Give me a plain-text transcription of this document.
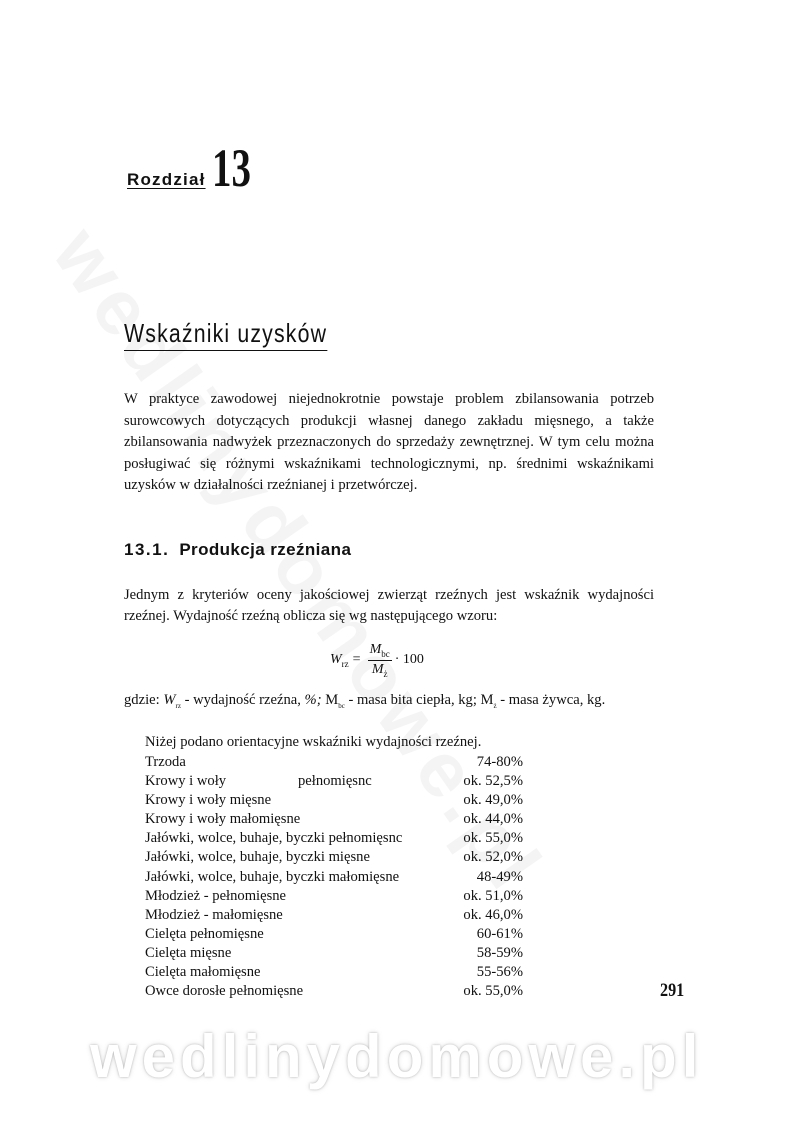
Rozdział 13
Wskaźniki uzysków
W praktyce zawodowej niejednokrotnie powstaje problem zbilansowania potrzeb surowcowych dotyczących produkcji własnej danego zakładu mięsnego, a także zbilansowania nadwyżek przeznaczonych do sprzedaży zewnętrznej. W tym celu można posługiwać się różnymi wskaźnikami technologicznymi, np. średnimi wskaźnikami uzysków w działalności rzeźnianej i przetwórczej.
13.1. Produkcja rzeźniana
Jednym z kryteriów oceny jakościowej zwierząt rzeźnych jest wskaźnik wydajności rzeźnej. Wydajność rzeźną oblicza się wg następującego wzoru:
$W_{rz} = \frac{M_{bc}}{M_ż} \cdot 100$
gdzie: $W_{rz}$ - wydajność rzeźna, %; $M_{bc}$ - masa bita ciepła, kg; $M_ż$ - masa żywca, kg.
Niżej podano orientacyjne wskaźniki wydajności rzeźnej.
Trzoda	74-80%
Krowy i woły	pełnomięsnc	ok. 52,5%
Krowy i woły mięsne	ok. 49,0%
Krowy i woły małomięsne	ok. 44,0%
Jałówki, wolce, buhaje, byczki pełnomięsnc	ok. 55,0%
Jałówki, wolce, buhaje, byczki mięsne	ok. 52,0%
Jałówki, wolce, buhaje, byczki małomięsne	48-49%
Młodzież - pełnomięsne	ok. 51,0%
Młodzież - małomięsne	ok. 46,0%
Cielęta pełnomięsne	60-61%
Cielęta mięsne	58-59%
Cielęta małomięsne	55-56%
Owce dorosłe pełnomięsne	ok. 55,0%	291
wedlinydomowe.pl
